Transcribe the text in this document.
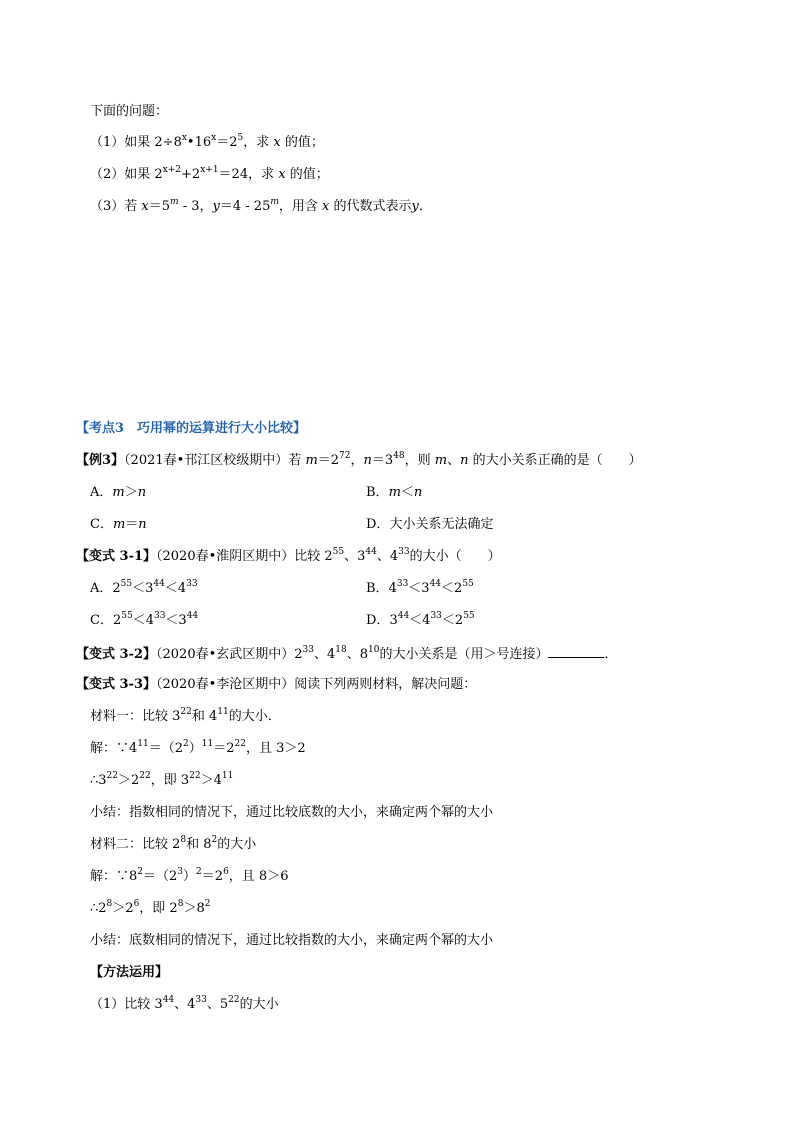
下面的问题：
（1）如果 $2\div 8^x•16^x=2^5$，求 x 的值；
（2）如果 $2^{x+2}+2^{x+1}=24$，求 x 的值；
（3）若 $x=5^m - 3$，y＝4 - 25$^m$，用含 x 的代数式表示y．
【考点3　巧用幂的运算进行大小比较】
【例3】（2021春•邗江区校级期中）若 $m=2^{72}$，$n=3^{48}$，则 m、n 的大小关系正确的是（　　）
A．m＞n	B．m＜n
C．m＝n	D．大小关系无法确定
【变式 3-1】（2020春•淮阴区期中）比较 $2^{55}$、$3^{44}$、$4^{33}$的大小（　　）
A．$2^{55}<3^{44}<4^{33}$	B．$4^{33}<3^{44}<2^{55}$
C．$2^{55}<4^{33}<3^{44}$	D．$3^{44}<4^{33}<2^{55}$
【变式 3-2】（2020春•玄武区期中）$2^{33}$、$4^{18}$、$8^{10}$的大小关系是（用＞号连接）	．
【变式 3-3】（2020春•李沧区期中）阅读下列两则材料，解决问题：
材料一：比较 $3^{22}$和 $4^{11}$的大小．
解：$\because 4^{11}=(2^2)^{11}=2^{22}$，且 3＞2
$\therefore 3^{22}>2^{22}$，即 $3^{22}>4^{11}$
小结：指数相同的情况下，通过比较底数的大小，来确定两个幂的大小
材料二：比较 $2^8$和 $8^2$的大小
解：$\because 8^2=(2^3)^2=2^6$，且 8＞6
$\therefore 2^8>2^6$，即 $2^8>8^2$
小结：底数相同的情况下，通过比较指数的大小，来确定两个幂的大小
【方法运用】
（1）比较 $3^{44}$、$4^{33}$、$5^{22}$的大小
